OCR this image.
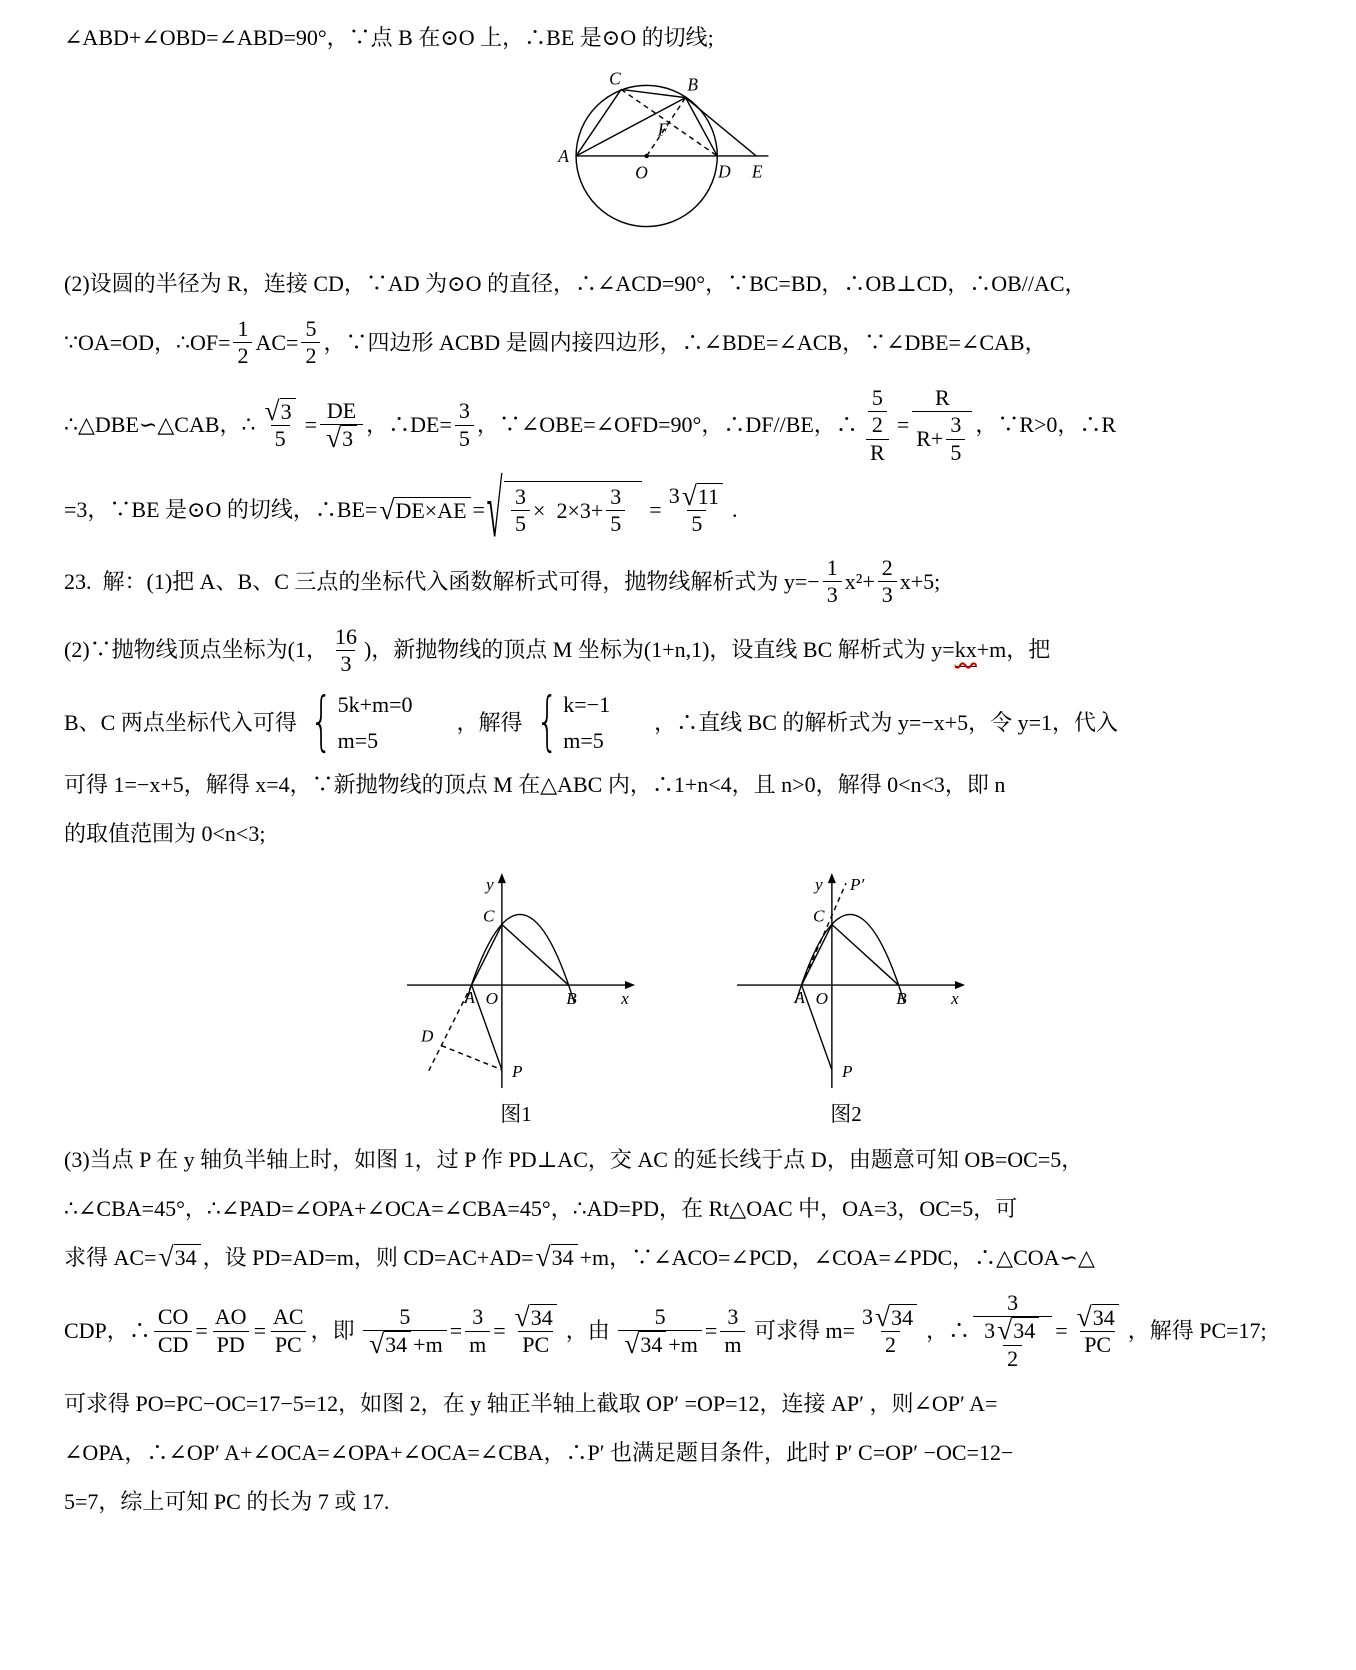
∠ABD+∠OBD=∠ABD=90°，∵点 B 在⊙O 上，∴BE 是⊙O 的切线;
C	B
A
O	D E
F
(2)设圆的半径为 R，连接 CD，∵AD 为⊙O 的直径，∴∠ACD=90°，∵BC=BD，∴OB⊥CD，∴OB//AC，
∵OA=OD，∴OF= $\frac{1}{2} AC= \frac{5}{2}$ ，∵四边形 ACBD 是圆内接四边形，∴∠BDE=∠ACB，∵∠DBE=∠CAB，
∴△DBE∽△CAB，∴ $\frac{√ 3}{5} = \frac{DE}{√ 3}$ ，∴DE= $\frac{3}{5}$ ，∵∠OBE=∠OFD=90°，∴DF//BE，∴ $\frac{\frac{5}{2}}{R} = \frac{R}{R+ \frac{3}{5}}$ ，∵R>0，∴R
=3，∵BE 是⊙O 的切线，∴BE= √ DE×AE = √ $\frac{3}{5} \times 2\times 3+ \frac{3}{5}$
= $\frac{3 √ 11}{5}$ .
23.  解：(1)把 A、B、C 三点的坐标代入函数解析式可得，抛物线解析式为 $y=- \frac{1}{3} x^2+ \frac{2}{3} x+5$;
(2)∵抛物线顶点坐标为(1， $\frac{16}{3}$ )，新抛物线的顶点 M 坐标为(1+n,1)，设直线 BC 解析式为 y= kx +m，把
B、C 两点坐标代入可得 { 5k+m=0
m=5
，解得 { k=−1
m=5
，∴直线 BC 的解析式为 y=−x+5，令 y=1，代入
可得 1=−x+5，解得 x=4，∵新抛物线的顶点 M 在△ABC 内，∴1+n<4，且 n>0，解得 0<n<3，即 n
的取值范围为 0<n<3;
y
x
A O	B
C
D
P
图1
y P′
x
A O	B
C
P
图2
(3)当点 P 在 y 轴负半轴上时，如图 1，过 P 作 PD⊥AC，交 AC 的延长线于点 D，由题意可知 OB=OC=5，
∴∠CBA=45°，∴∠PAD=∠OPA+∠OCA=∠CBA=45°，∴AD=PD，在 Rt△OAC 中，OA=3，OC=5，可
求得 AC= √ 34 ，设 PD=AD=m，则 CD=AC+AD= √ 34 +m，∵∠ACO=∠PCD，∠COA=∠PDC，∴△COA∽△
CDP，∴ $\frac{CO}{CD} = \frac{AO}{PD} = \frac{AC}{PC}$ ，即 $\frac{5}{√ 34 +m} = \frac{3}{m} = \frac{√ 34}{PC}$ ，由 $\frac{5}{√ 34 +m} = \frac{3}{m}$ 可求得 $m= \frac{3 √ 34}{2}$ ，∴ $\frac{3}{\frac{3 √ 34}{2}} = \frac{√ 34}{PC}$ ，解得 PC=17;
可求得 PO=PC−OC=17−5=12，如图 2，在 y 轴正半轴上截取 OP′ =OP=12，连接 AP′ ，则∠OP′ A=
∠OPA，∴∠OP′ A+∠OCA=∠OPA+∠OCA=∠CBA，∴P′ 也满足题目条件，此时 P′ C=OP′ −OC=12−
5=7，综上可知 PC 的长为 7 或 17.
